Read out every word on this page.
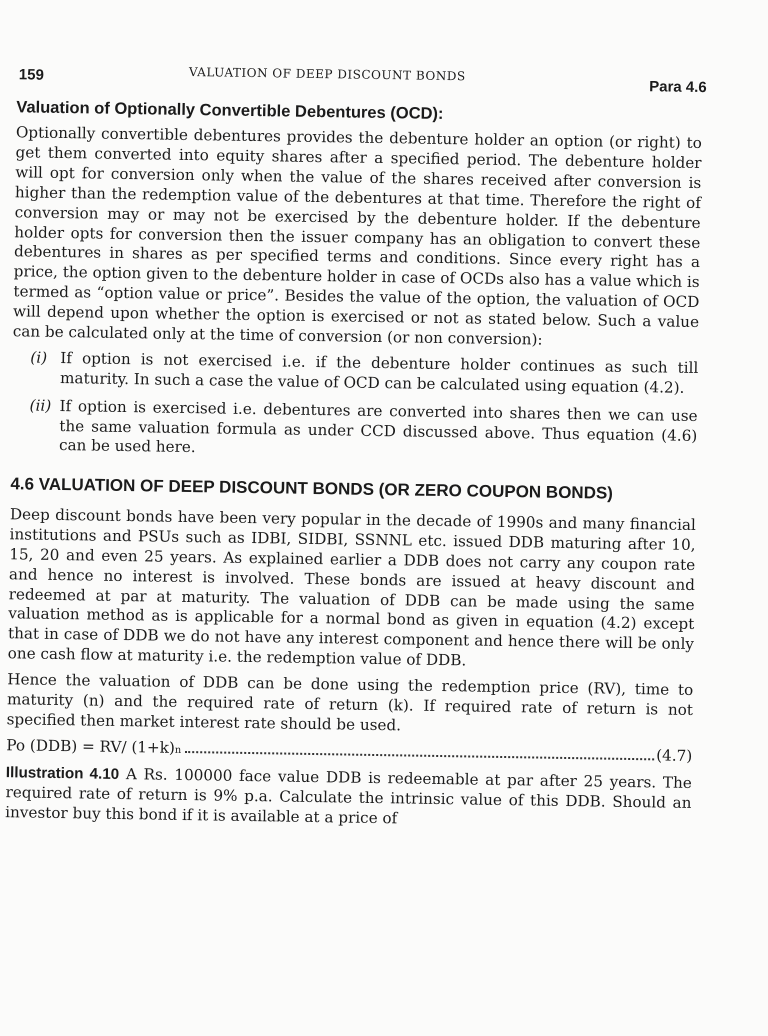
159	VALUATION OF DEEP DISCOUNT BONDS
Para 4.6
Valuation of Optionally Convertible Debentures (OCD):

Optionally convertible debentures provides the debenture holder an option (or right) to get them converted into equity shares after a specified period. The debenture holder will opt for conversion only when the value of the shares received after conversion is higher than the redemption value of the debentures at that time. Therefore the right of conversion may or may not be exercised by the debenture holder. If the debenture holder opts for conversion then the issuer company has an obligation to convert these debentures in shares as per specified terms and conditions. Since every right has a price, the option given to the debenture holder in case of OCDs also has a value which is termed as “option value or price”. Besides the value of the option, the valuation of OCD will depend upon whether the option is exercised or not as stated below. Such a value can be calculated only at the time of conversion (or non conversion):

(i) If option is not exercised i.e. if the debenture holder continues as such till maturity. In such a case the value of OCD can be calculated using equation (4.2).
(ii) If option is exercised i.e. debentures are converted into shares then we can use the same valuation formula as under CCD discussed above. Thus equation (4.6) can be used here.
4.6 VALUATION OF DEEP DISCOUNT BONDS (OR ZERO COUPON BONDS)

Deep discount bonds have been very popular in the decade of 1990s and many financial institutions and PSUs such as IDBI, SIDBI, SSNNL etc. issued DDB maturing after 10, 15, 20 and even 25 years. As explained earlier a DDB does not carry any coupon rate and hence no interest is involved. These bonds are issued at heavy discount and redeemed at par at maturity. The valuation of DDB can be made using the same valuation method as is applicable for a normal bond as given in equation (4.2) except that in case of DDB we do not have any interest component and hence there will be only one cash flow at maturity i.e. the redemption value of DDB.

Hence the valuation of DDB can be done using the redemption price (RV), time to maturity (n) and the required rate of return (k). If required rate of return is not specified then market interest rate should be used.

Po (DDB) = RV/ $(1+k)_n$	(4.7)

Illustration 4.10 A Rs. 100000 face value DDB is redeemable at par after 25 years. The required rate of return is 9% p.a. Calculate the intrinsic value of this DDB. Should an investor buy this bond if it is available at a price of
